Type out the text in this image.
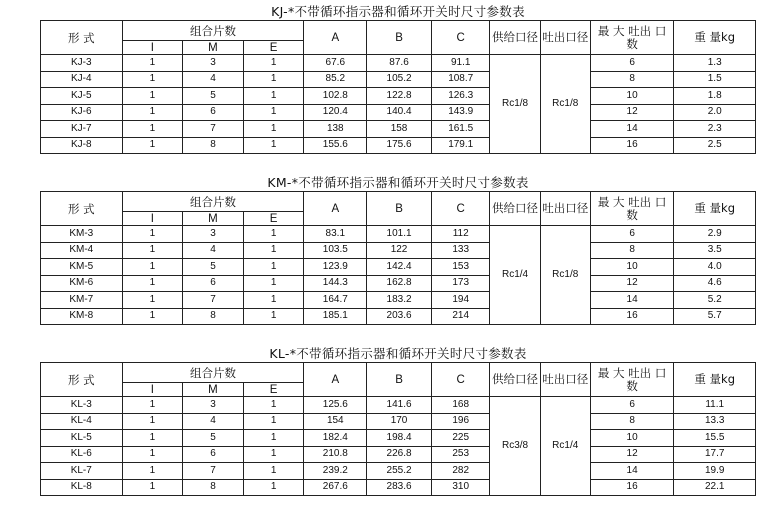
KJ-*不带循环指示器和循环开关时尺寸参数表
形 式	组合片数			A	B	C	供给口径	吐出口径	最 大 吐出 口 数	重 量kg
	I	M	E							
KJ-3	1	3	1	67.6	87.6	91.1	Rc1/8	Rc1/8	6	1.3
KJ-4	1	4	1	85.2	105.2	108.7			8	1.5
KJ-5	1	5	1	102.8	122.8	126.3			10	1.8
KJ-6	1	6	1	120.4	140.4	143.9			12	2.0
KJ-7	1	7	1	138	158	161.5			14	2.3
KJ-8	1	8	1	155.6	175.6	179.1			16	2.5
KM-*不带循环指示器和循环开关时尺寸参数表
形 式	组合片数			A	B	C	供给口径	吐出口径	最 大 吐出 口 数	重 量kg
	I	M	E							
KM-3	1	3	1	83.1	101.1	112	Rc1/4	Rc1/8	6	2.9
KM-4	1	4	1	103.5	122	133			8	3.5
KM-5	1	5	1	123.9	142.4	153			10	4.0
KM-6	1	6	1	144.3	162.8	173			12	4.6
KM-7	1	7	1	164.7	183.2	194			14	5.2
KM-8	1	8	1	185.1	203.6	214			16	5.7
KL-*不带循环指示器和循环开关时尺寸参数表
形 式	组合片数			A	B	C	供给口径	吐出口径	最 大 吐出 口 数	重 量kg
	I	M	E							
KL-3	1	3	1	125.6	141.6	168	Rc3/8	Rc1/4	6	11.1
KL-4	1	4	1	154	170	196			8	13.3
KL-5	1	5	1	182.4	198.4	225			10	15.5
KL-6	1	6	1	210.8	226.8	253			12	17.7
KL-7	1	7	1	239.2	255.2	282			14	19.9
KL-8	1	8	1	267.6	283.6	310			16	22.1
